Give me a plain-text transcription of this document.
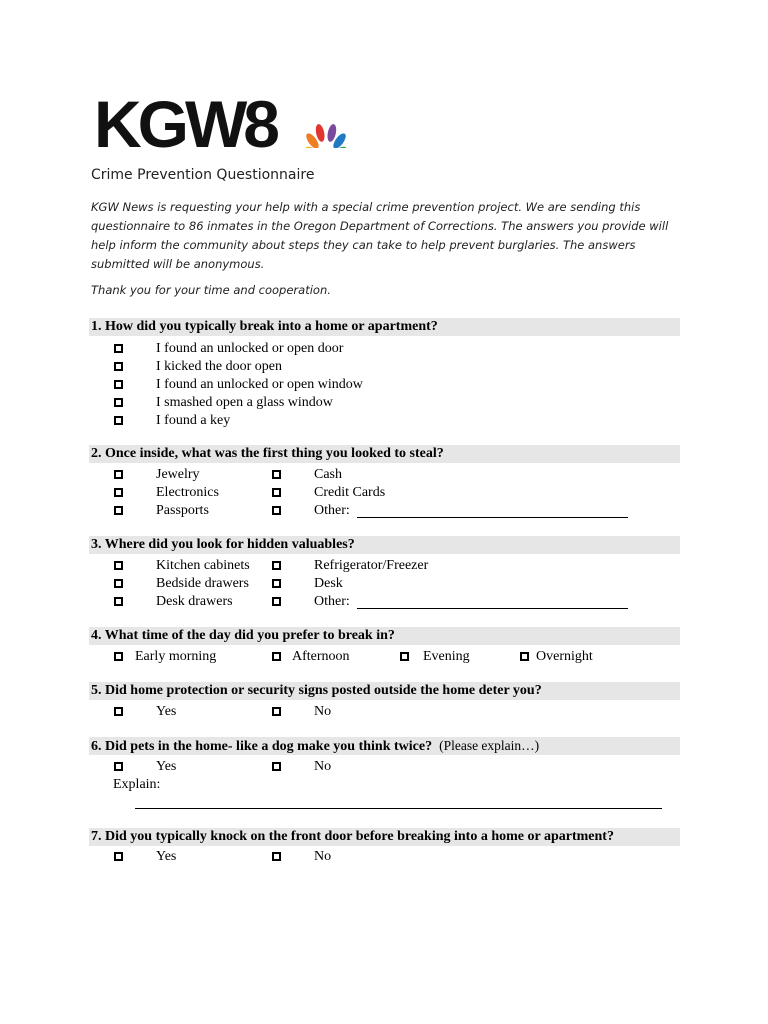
KGW8
Crime Prevention Questionnaire

KGW News is requesting your help with a special crime prevention project. We are sending this questionnaire to 86 inmates in the Oregon Department of Corrections. The answers you provide will help inform the community about steps they can take to help prevent burglaries. The answers submitted will be anonymous.

Thank you for your time and cooperation.

1. How did you typically break into a home or apartment?
I found an unlocked or open door
I kicked the door open
I found an unlocked or open window
I smashed open a glass window
I found a key
2. Once inside, what was the first thing you looked to steal?
Jewelry	Cash
Electronics	Credit Cards
Passports	Other:
3. Where did you look for hidden valuables?
Kitchen cabinets	Refrigerator/Freezer
Bedside drawers	Desk
Desk drawers	Other:
4. What time of the day did you prefer to break in?
Early morning	Afternoon	Evening	Overnight
5. Did home protection or security signs posted outside the home deter you?
Yes	No
6. Did pets in the home- like a dog make you think twice? (Please explain…)
Yes	No
Explain:
7. Did you typically knock on the front door before breaking into a home or apartment?
Yes	No
